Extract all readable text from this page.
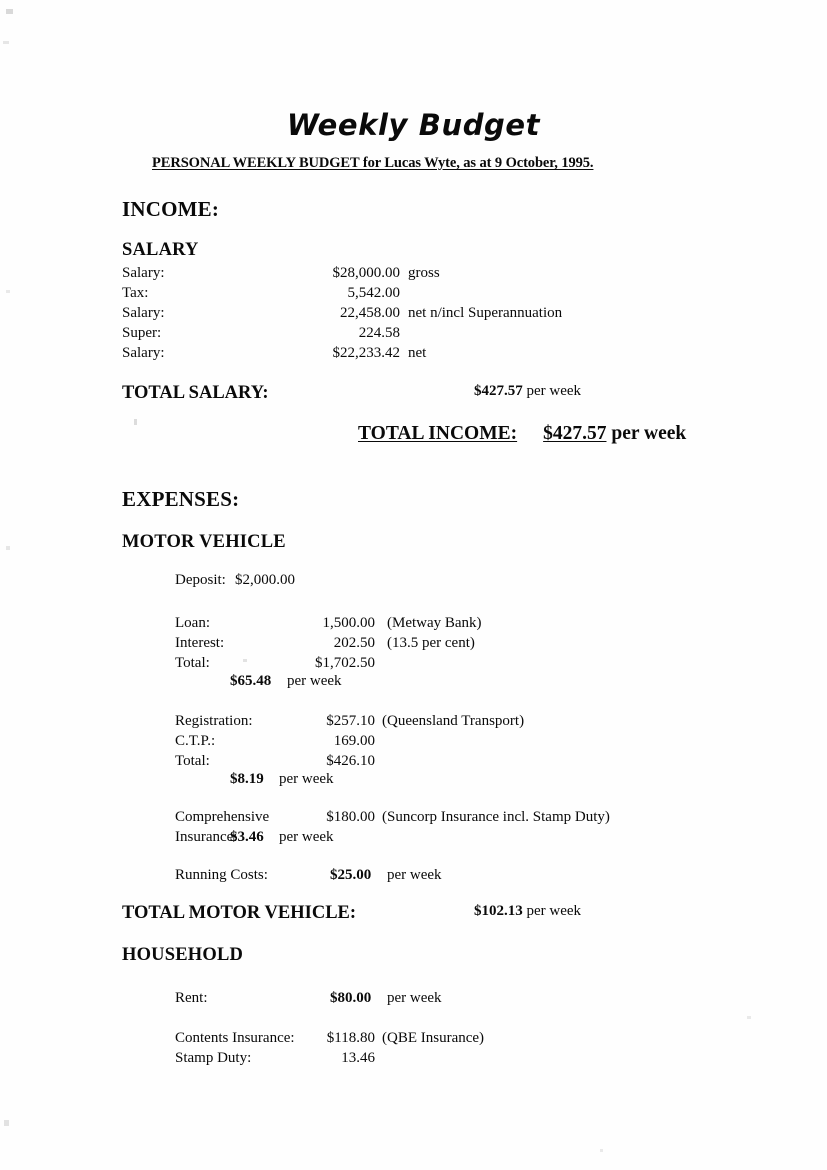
Weekly Budget
PERSONAL WEEKLY BUDGET for Lucas Wyte, as at 9 October, 1995.
INCOME:
SALARY
Salary:	$28,000.00 gross
Tax:	5,542.00
Salary:	22,458.00 net n/incl Superannuation
Super:	224.58
Salary:	$22,233.42 net
TOTAL SALARY:	$427.57 per week
TOTAL INCOME: $427.57 per week
EXPENSES:
MOTOR VEHICLE
Deposit: $2,000.00
Loan:	1,500.00 (Metway Bank)
Interest:	202.50 (13.5 per cent)
Total:	$1,702.50
$65.48 per week
Registration:	$257.10 (Queensland Transport)
C.T.P.:	169.00
Total:	$426.10
$8.19 per week
Comprehensive	$180.00 (Suncorp Insurance incl. Stamp Duty)
Insurance:
$3.46 per week
Running Costs:	$25.00 per week
TOTAL MOTOR VEHICLE:	$102.13 per week
HOUSEHOLD
Rent:	$80.00 per week
Contents Insurance:	$118.80 (QBE Insurance)
Stamp Duty:	13.46
